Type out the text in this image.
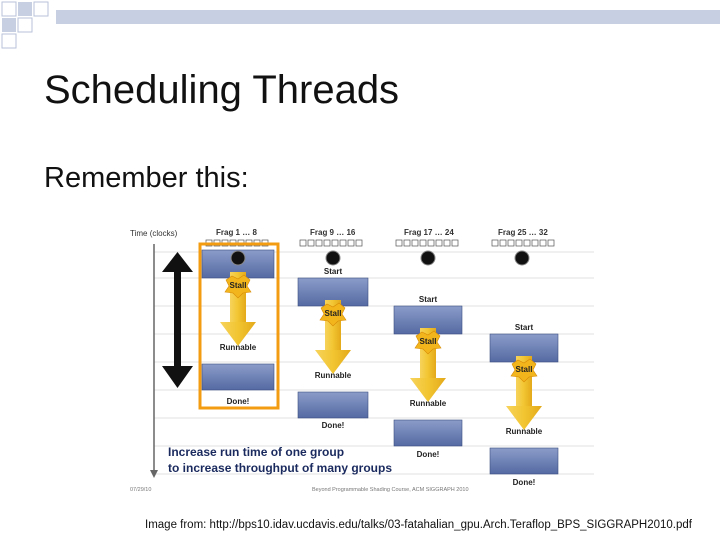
Scheduling Threads
Remember this:
Time (clocks)	Frag 1 … 8
Stall
Runnable
Done!
Frag 9 … 16
Start
Stall
Runnable
Done!
Frag 17 … 24
Start
Stall
Runnable
Done!
Frag 25 … 32
Start
Stall
Runnable
Done!
Increase run time of one group
to increase throughput of many groups
07/29/10	Beyond Programmable Shading Course, ACM SIGGRAPH 2010
Image from: http://bps10.idav.ucdavis.edu/talks/03-fatahalian_gpu.Arch.Teraflop_BPS_SIGGRAPH2010.pdf
